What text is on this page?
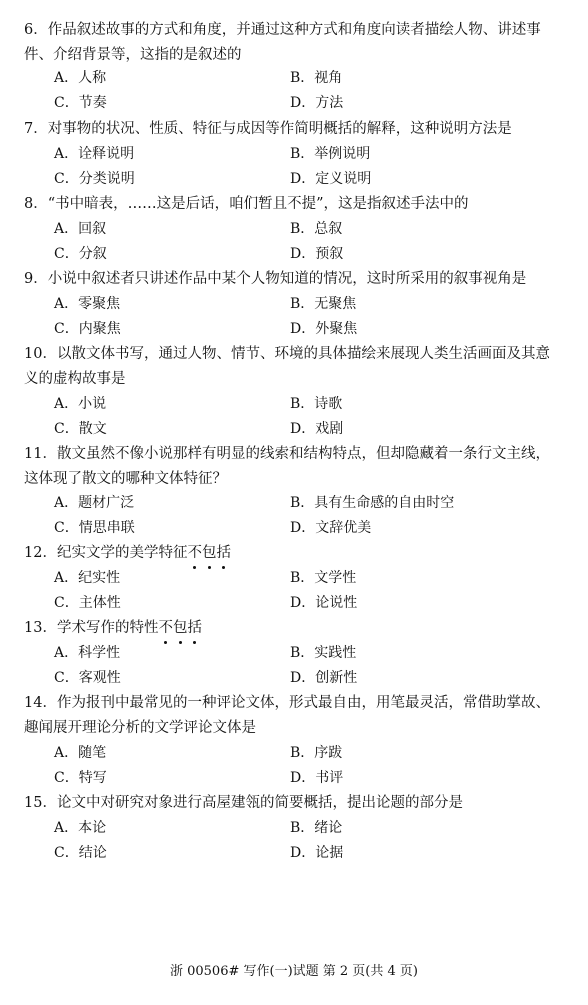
6．作品叙述故事的方式和角度，并通过这种方式和角度向读者描绘人物、讲述事件、介绍背景等，这指的是叙述的
A．人称	B．视角
C．节奏	D．方法
7．对事物的状况、性质、特征与成因等作简明概括的解释，这种说明方法是
A．诠释说明	B．举例说明
C．分类说明	D．定义说明
8．“书中暗表，……这是后话，咱们暂且不提”，这是指叙述手法中的
A．回叙	B．总叙
C．分叙	D．预叙
9．小说中叙述者只讲述作品中某个人物知道的情况，这时所采用的叙事视角是
A．零聚焦	B．无聚焦
C．内聚焦	D．外聚焦
10．以散文体书写，通过人物、情节、环境的具体描绘来展现人类生活画面及其意义的虚构故事是
A．小说	B．诗歌
C．散文	D．戏剧
11．散文虽然不像小说那样有明显的线索和结构特点，但却隐藏着一条行文主线，这体现了散文的哪种文体特征？
A．题材广泛	B．具有生命感的自由时空
C．情思串联	D．文辞优美
12．纪实文学的美学特征不包括
A．纪实性	B．文学性
C．主体性	D．论说性
13．学术写作的特性不包括
A．科学性	B．实践性
C．客观性	D．创新性
14．作为报刊中最常见的一种评论文体，形式最自由，用笔最灵活，常借助掌故、趣闻展开理论分析的文学评论文体是
A．随笔	B．序跋
C．特写	D．书评
15．论文中对研究对象进行高屋建瓴的简要概括，提出论题的部分是
A．本论	B．绪论
C．结论	D．论据
浙 00506# 写作(一)试题 第 2 页(共 4 页)
